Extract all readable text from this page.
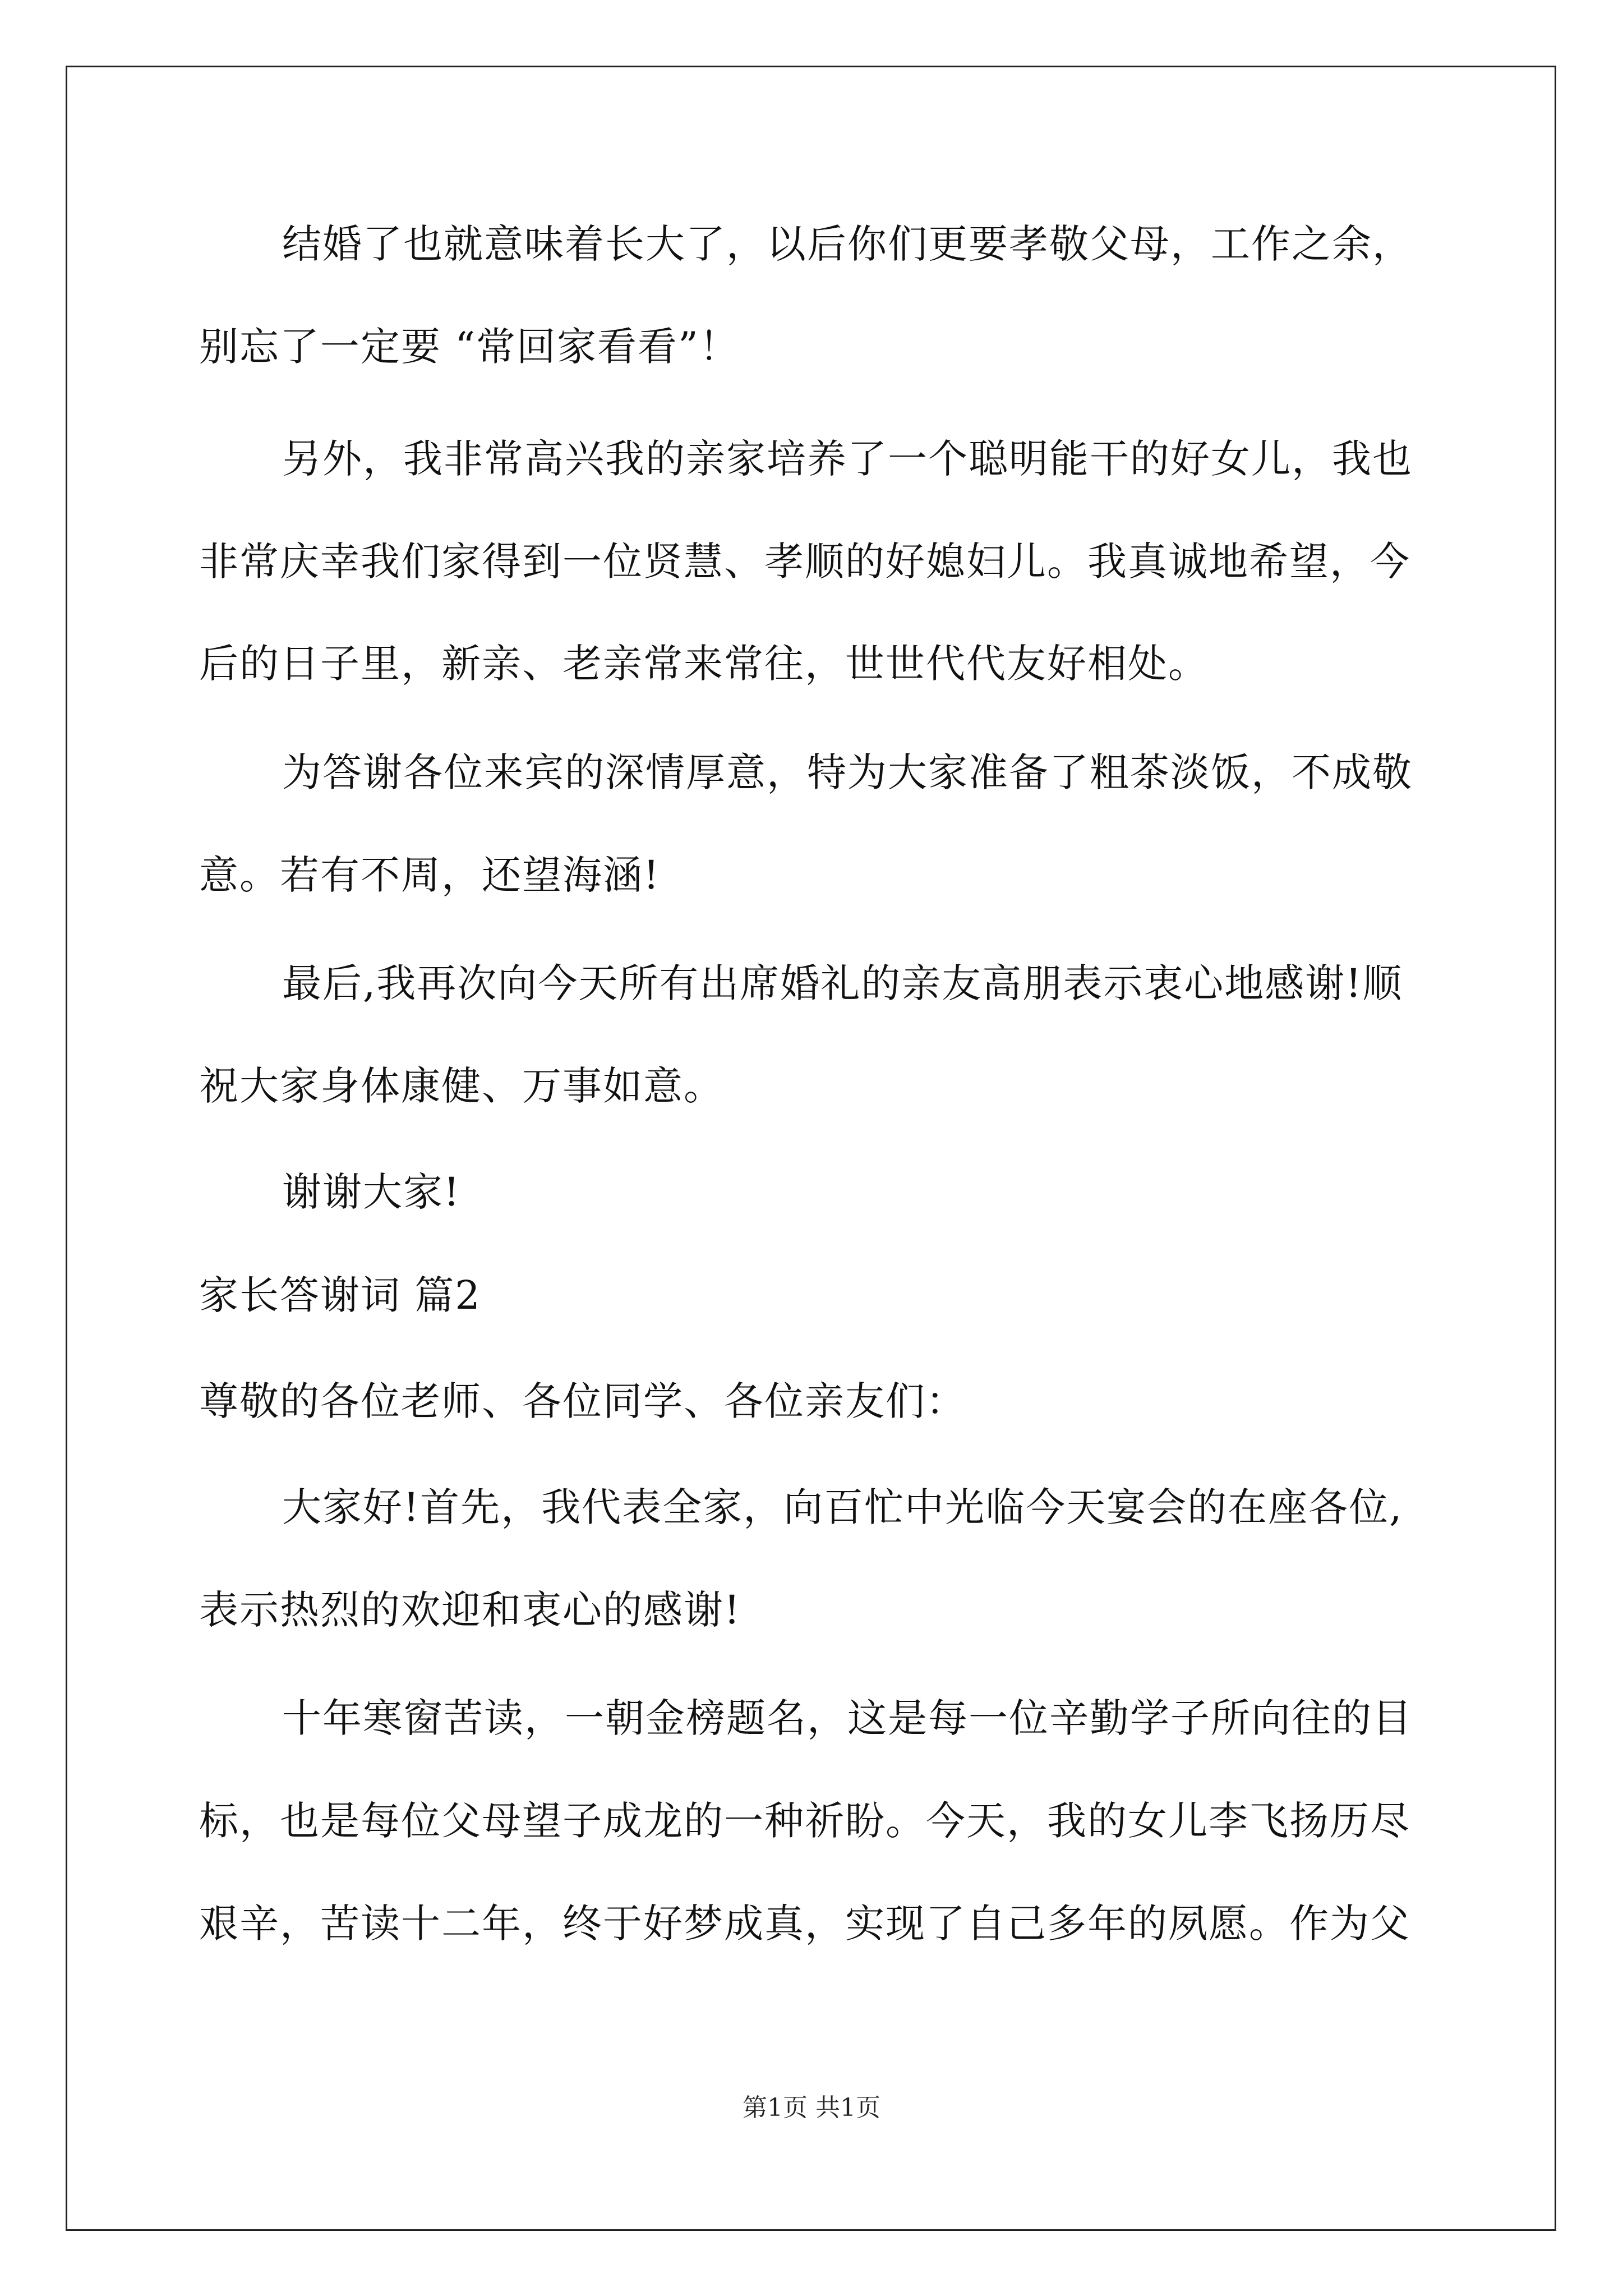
结婚了也就意味着长大了，以后你们更要孝敬父母，工作之余，
别忘了一定要 “常回家看看”！
另外，我非常高兴我的亲家培养了一个聪明能干的好女儿，我也
非常庆幸我们家得到一位贤慧、孝顺的好媳妇儿。我真诚地希望，今
后的日子里，新亲、老亲常来常往，世世代代友好相处。
为答谢各位来宾的深情厚意，特为大家准备了粗茶淡饭，不成敬
意。若有不周，还望海涵!
最后,我再次向今天所有出席婚礼的亲友高朋表示衷心地感谢!顺
祝大家身体康健、万事如意。
谢谢大家!
家长答谢词 篇2
尊敬的各位老师、各位同学、各位亲友们：
大家好!首先，我代表全家，向百忙中光临今天宴会的在座各位,
表示热烈的欢迎和衷心的感谢!
十年寒窗苦读，一朝金榜题名，这是每一位辛勤学子所向往的目
标，也是每位父母望子成龙的一种祈盼。今天，我的女儿李飞扬历尽
艰辛，苦读十二年，终于好梦成真，实现了自己多年的夙愿。作为父
第1页 共1页
